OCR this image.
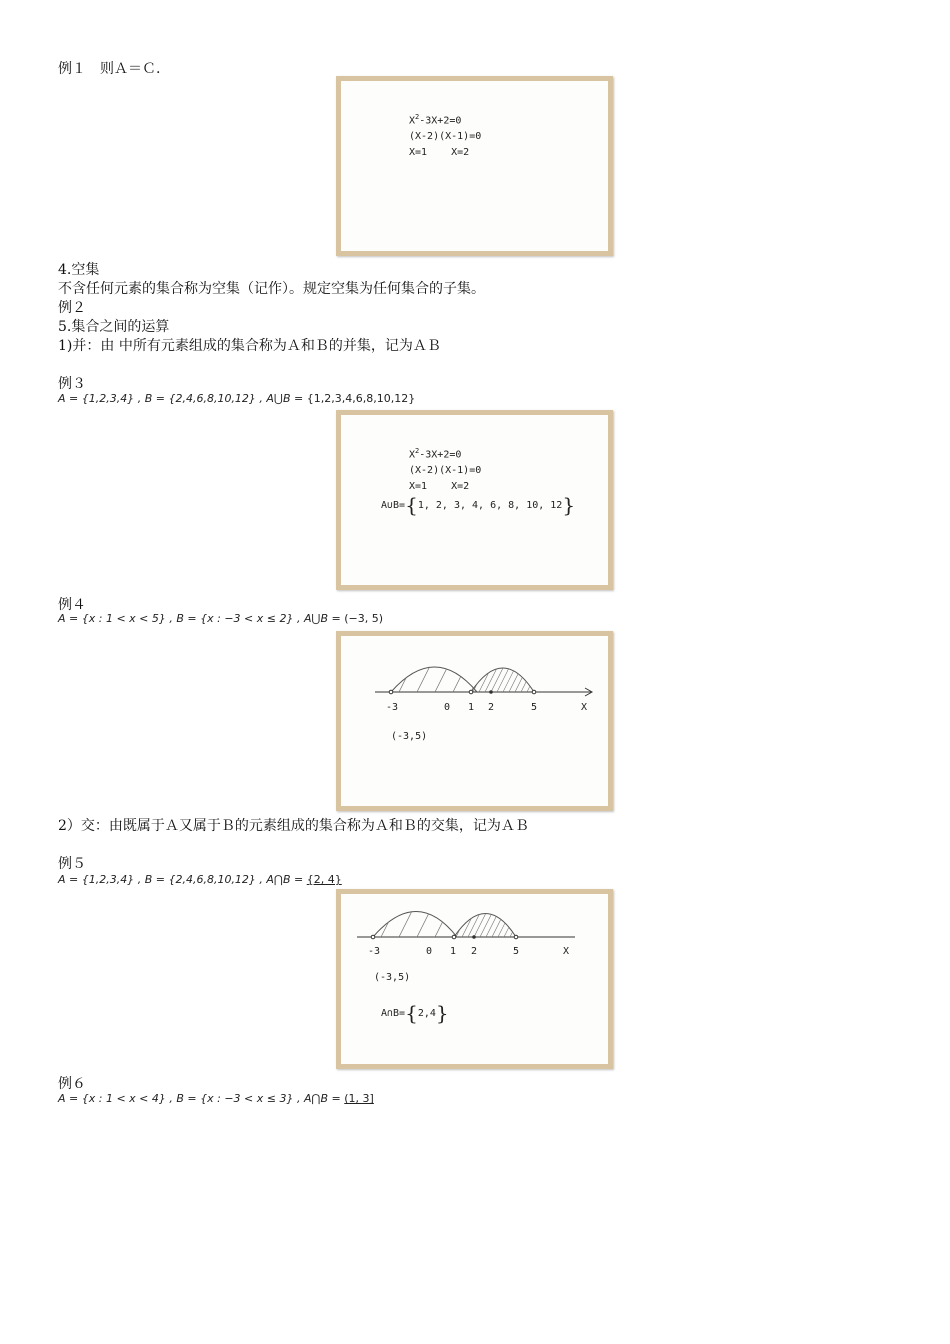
例１　则Ａ＝Ｃ.
$X^2-3X+2=0$
(X-2)(X-1)=0
X=1    X=2
4.空集
不含任何元素的集合称为空集（记作）。规定空集为任何集合的子集。
例２
5.集合之间的运算
1)并：由 中所有元素组成的集合称为Ａ和Ｂ的并集，记为ＡＢ
例３
A = {1,2,3,4} , B = {2,4,6,8,10,12} , A⋃B = {1,2,3,4,6,8,10,12}
$X^2-3X+2=0$
(X-2)(X-1)=0
X=1    X=2
A∪B={1, 2, 3, 4, 6, 8, 10, 12}
例４
A = {x : 1 < x < 5} , B = {x : −3 < x ≤ 2} , A⋃B = (−3, 5)
-3	0 1 2	5	X
(-3,5)
2）交：由既属于Ａ又属于Ｂ的元素组成的集合称为Ａ和Ｂ的交集，记为ＡＢ
例５
A = {1,2,3,4} , B = {2,4,6,8,10,12} , A⋂B = {2, 4}
-3	0 1 2	5	X
(-3,5)
A∩B={2,4}
例６
A = {x : 1 < x < 4} , B = {x : −3 < x ≤ 3} , A⋂B = (1, 3]
